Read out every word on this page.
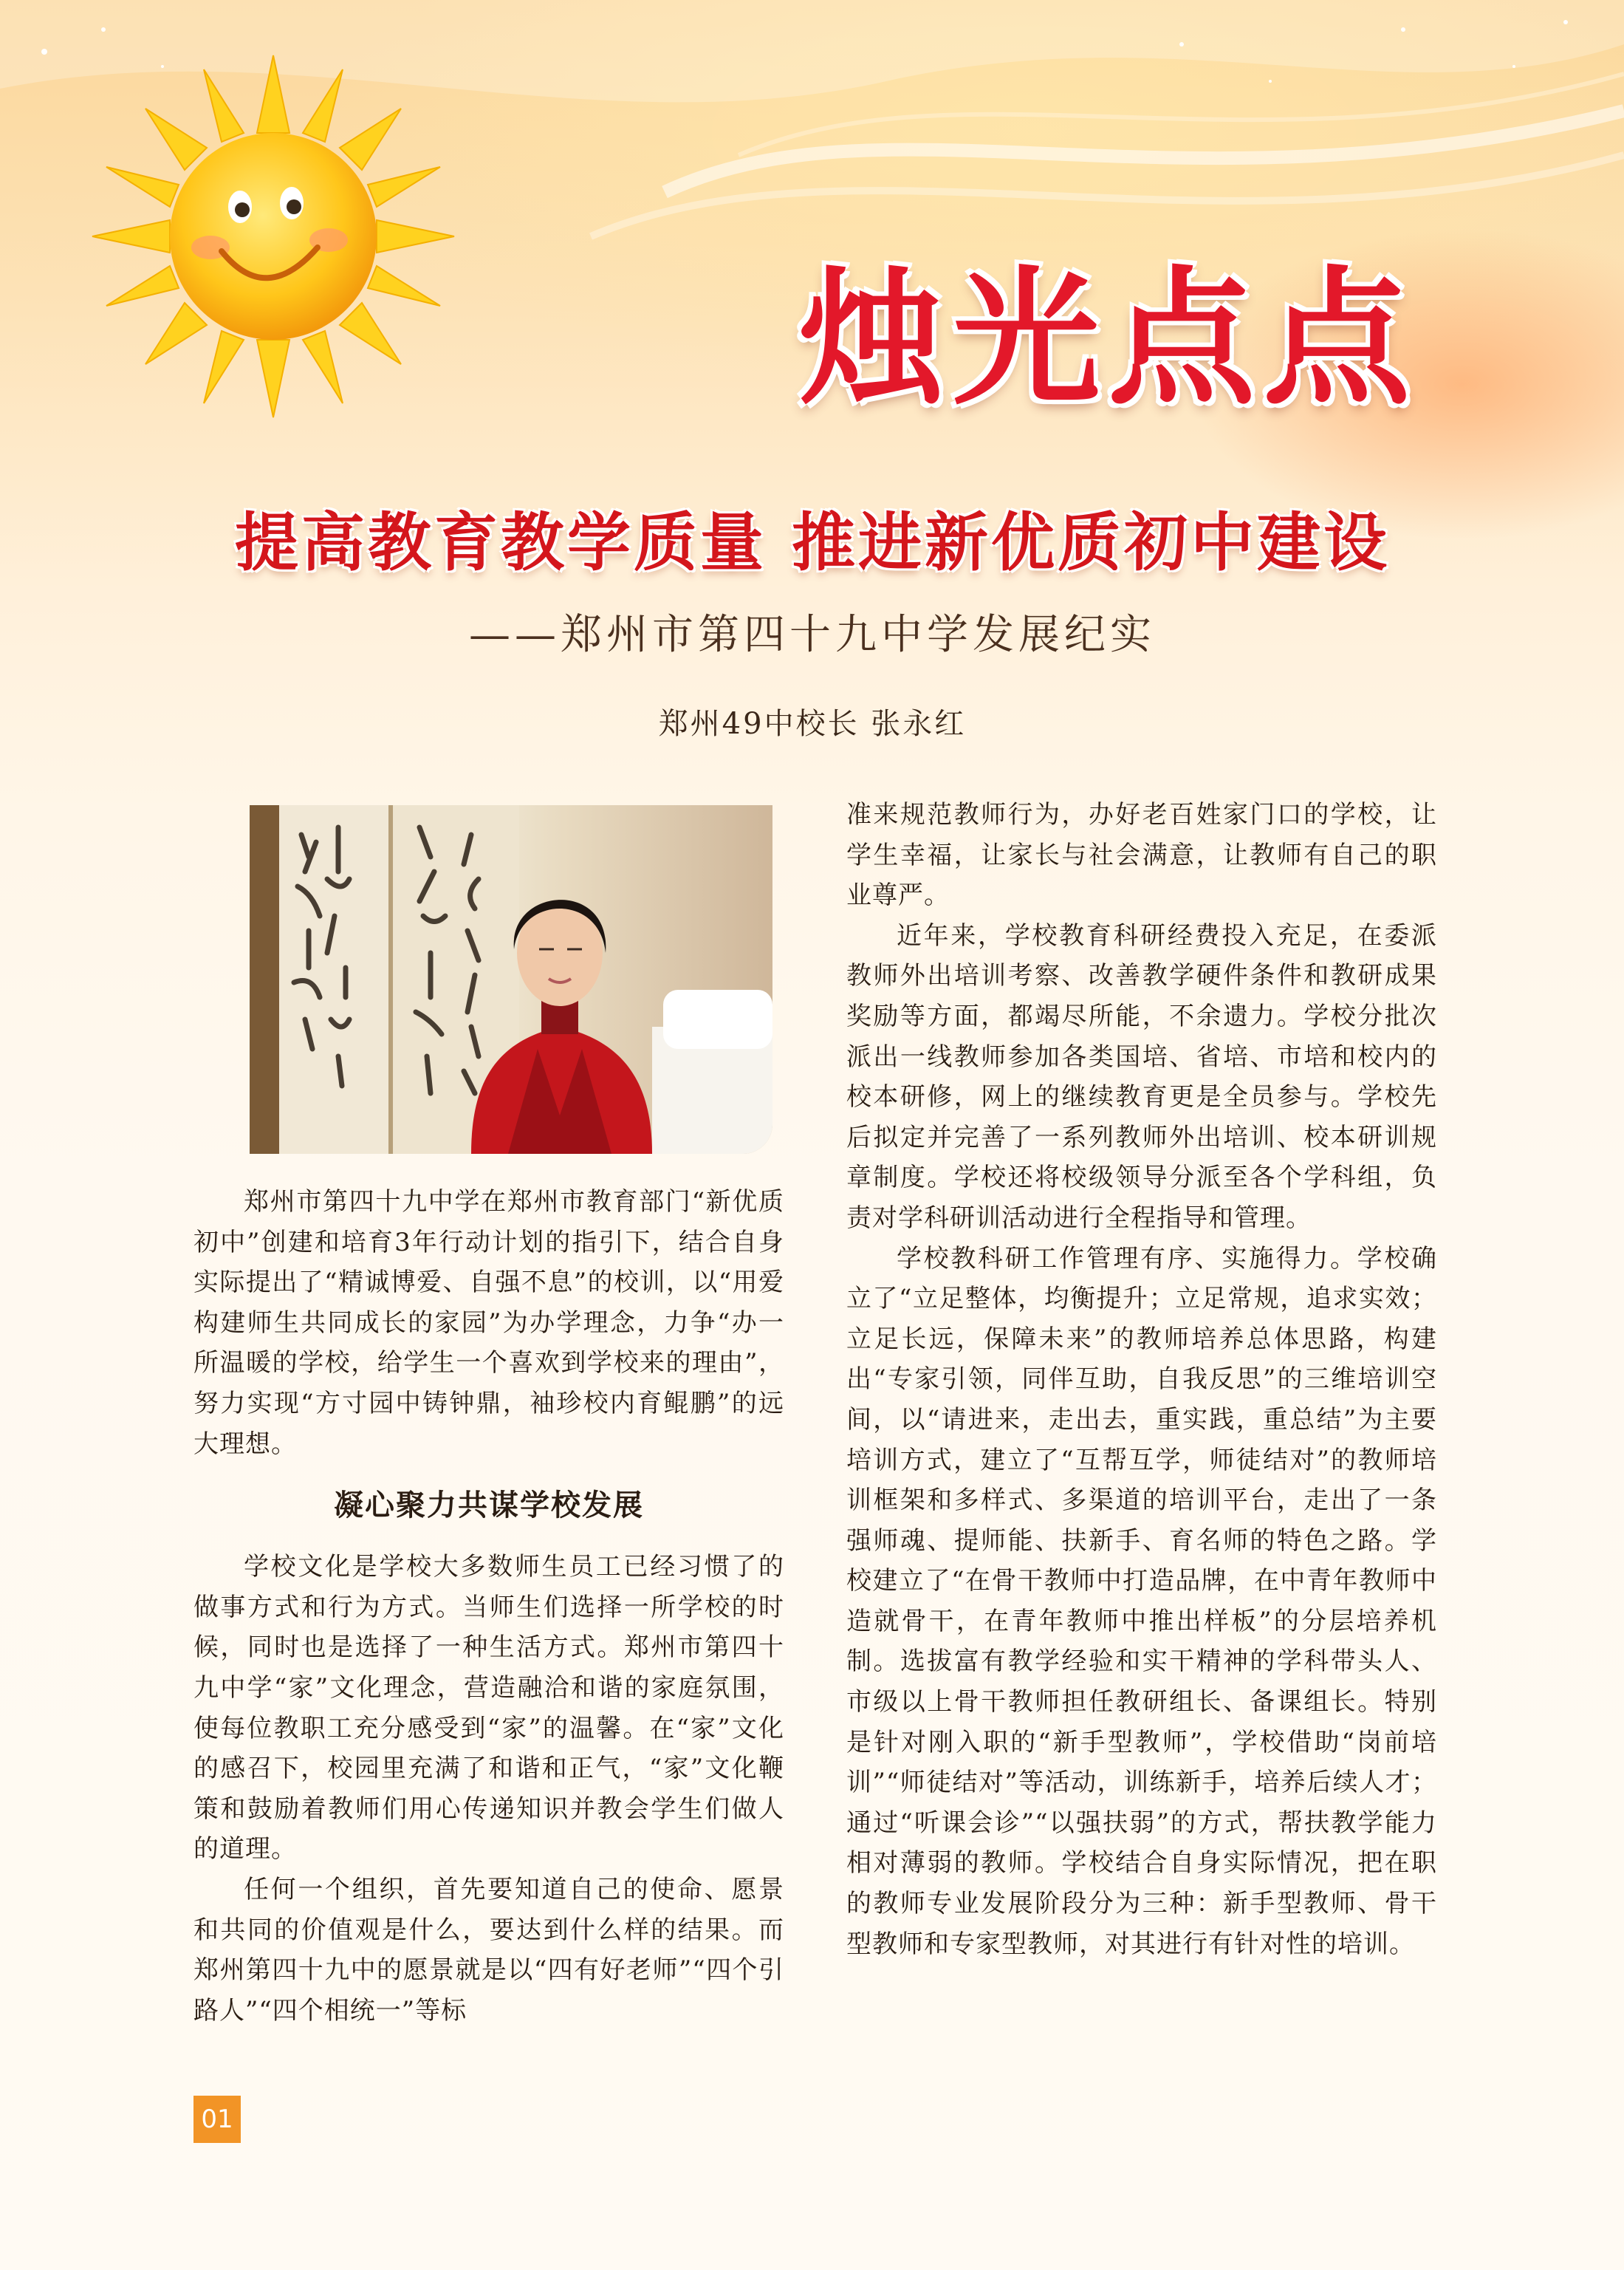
烛光点点
提高教育教学质量 推进新优质初中建设
——郑州市第四十九中学发展纪实
郑州49中校长 张永红

郑州市第四十九中学在郑州市教育部门“新优质初中”创建和培育3年行动计划的指引下，结合自身实际提出了“精诚博爱、自强不息”的校训，以“用爱构建师生共同成长的家园”为办学理念，力争“办一所温暖的学校，给学生一个喜欢到学校来的理由”，努力实现“方寸园中铸钟鼎，袖珍校内育鲲鹏”的远大理想。

凝心聚力共谋学校发展

学校文化是学校大多数师生员工已经习惯了的做事方式和行为方式。当师生们选择一所学校的时候，同时也是选择了一种生活方式。郑州市第四十九中学“家”文化理念，营造融洽和谐的家庭氛围，使每位教职工充分感受到“家”的温馨。在“家”文化的感召下，校园里充满了和谐和正气，“家”文化鞭策和鼓励着教师们用心传递知识并教会学生们做人的道理。

任何一个组织，首先要知道自己的使命、愿景和共同的价值观是什么，要达到什么样的结果。而郑州第四十九中的愿景就是以“四有好老师”“四个引路人”“四个相统一”等标

准来规范教师行为，办好老百姓家门口的学校，让学生幸福，让家长与社会满意，让教师有自己的职业尊严。

近年来，学校教育科研经费投入充足，在委派教师外出培训考察、改善教学硬件条件和教研成果奖励等方面，都竭尽所能，不余遗力。学校分批次派出一线教师参加各类国培、省培、市培和校内的校本研修，网上的继续教育更是全员参与。学校先后拟定并完善了一系列教师外出培训、校本研训规章制度。学校还将校级领导分派至各个学科组，负责对学科研训活动进行全程指导和管理。

学校教科研工作管理有序、实施得力。学校确立了“立足整体，均衡提升；立足常规，追求实效；立足长远，保障未来”的教师培养总体思路，构建出“专家引领，同伴互助，自我反思”的三维培训空间，以“请进来，走出去，重实践，重总结”为主要培训方式，建立了“互帮互学，师徒结对”的教师培训框架和多样式、多渠道的培训平台，走出了一条强师魂、提师能、扶新手、育名师的特色之路。学校建立了“在骨干教师中打造品牌，在中青年教师中造就骨干，在青年教师中推出样板”的分层培养机制。选拔富有教学经验和实干精神的学科带头人、市级以上骨干教师担任教研组长、备课组长。特别是针对刚入职的“新手型教师”，学校借助“岗前培训”“师徒结对”等活动，训练新手，培养后续人才；通过“听课会诊”“以强扶弱”的方式，帮扶教学能力相对薄弱的教师。学校结合自身实际情况，把在职的教师专业发展阶段分为三种：新手型教师、骨干型教师和专家型教师，对其进行有针对性的培训。

01
